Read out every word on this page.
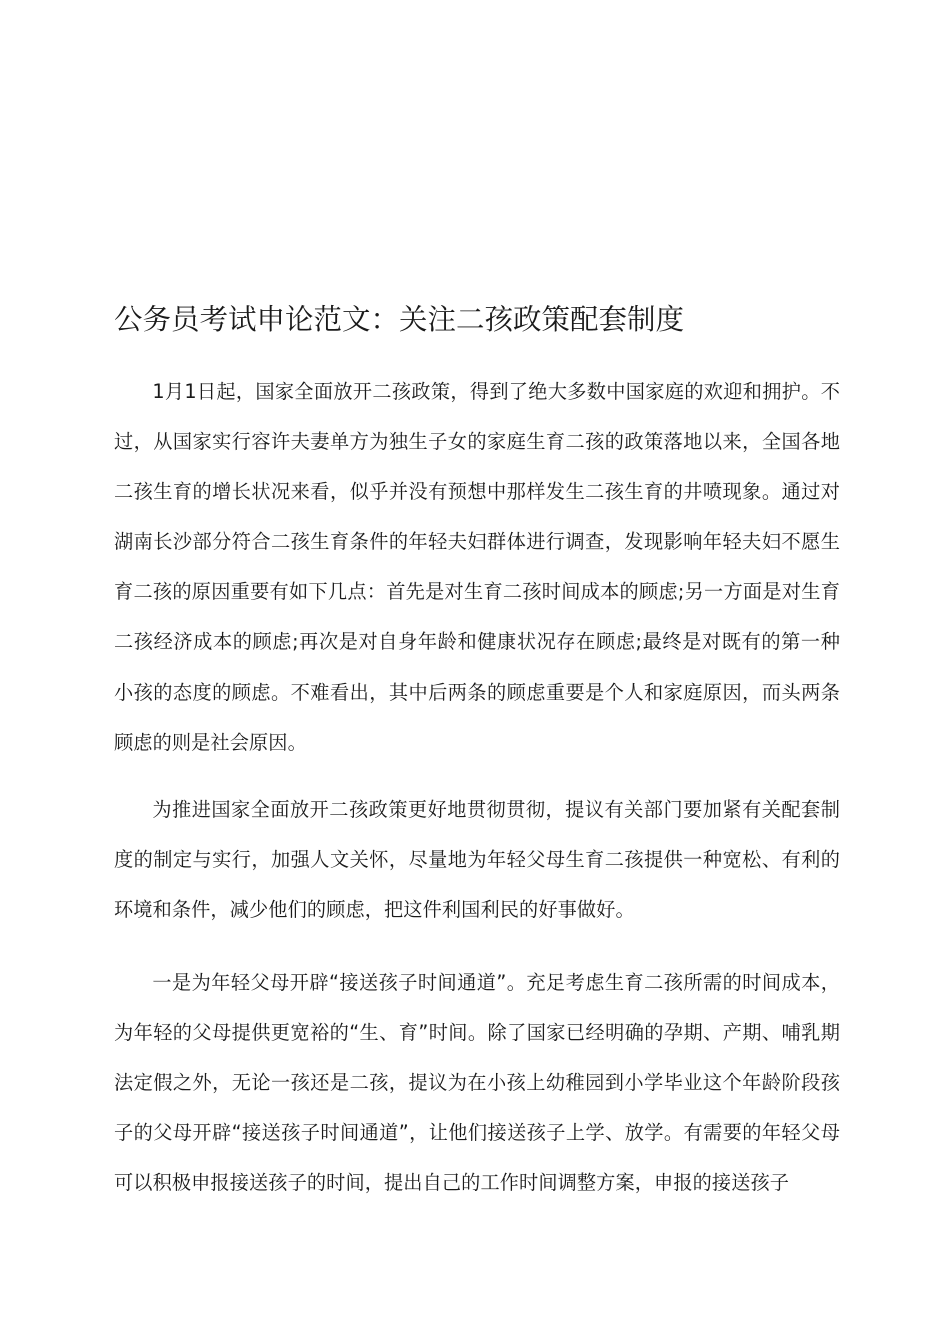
公务员考试申论范文：关注二孩政策配套制度

1月1日起，国家全面放开二孩政策，得到了绝大多数中国家庭的欢迎和拥护。不过，从国家实行容许夫妻单方为独生子女的家庭生育二孩的政策落地以来，全国各地二孩生育的增长状况来看，似乎并没有预想中那样发生二孩生育的井喷现象。通过对湖南长沙部分符合二孩生育条件的年轻夫妇群体进行调查，发现影响年轻夫妇不愿生育二孩的原因重要有如下几点：首先是对生育二孩时间成本的顾虑;另一方面是对生育二孩经济成本的顾虑;再次是对自身年龄和健康状况存在顾虑;最终是对既有的第一种小孩的态度的顾虑。不难看出，其中后两条的顾虑重要是个人和家庭原因，而头两条顾虑的则是社会原因。

为推进国家全面放开二孩政策更好地贯彻贯彻，提议有关部门要加紧有关配套制度的制定与实行，加强人文关怀，尽量地为年轻父母生育二孩提供一种宽松、有利的环境和条件，减少他们的顾虑，把这件利国利民的好事做好。

一是为年轻父母开辟“接送孩子时间通道”。充足考虑生育二孩所需的时间成本，为年轻的父母提供更宽裕的“生、育”时间。除了国家已经明确的孕期、产期、哺乳期法定假之外，无论一孩还是二孩，提议为在小孩上幼稚园到小学毕业这个年龄阶段孩子的父母开辟“接送孩子时间通道”，让他们接送孩子上学、放学。有需要的年轻父母可以积极申报接送孩子的时间，提出自己的工作时间调整方案，申报的接送孩子
